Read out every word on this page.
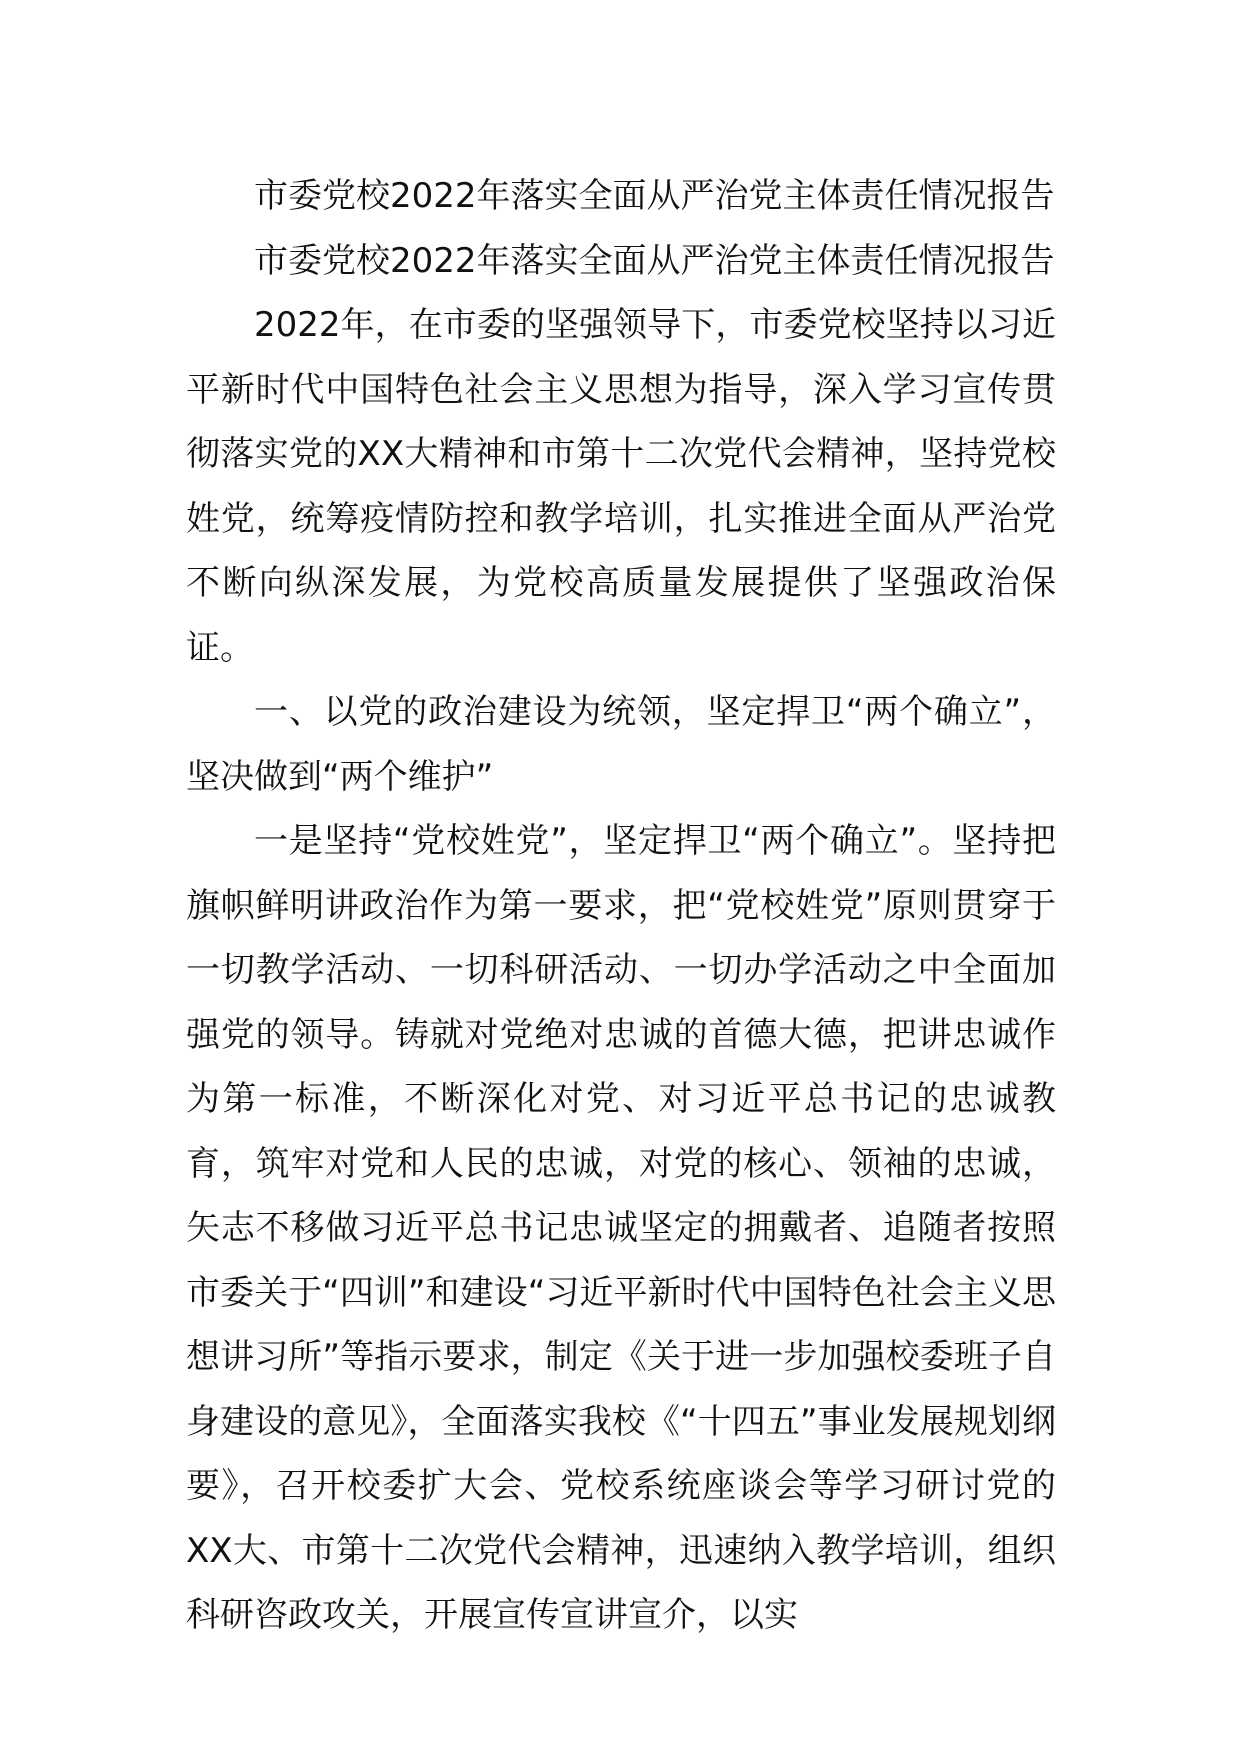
市委党校2022年落实全面从严治党主体责任情况报告

市委党校2022年落实全面从严治党主体责任情况报告

2022年，在市委的坚强领导下，市委党校坚持以习近平新时代中国特色社会主义思想为指导，深入学习宣传贯彻落实党的XX大精神和市第十二次党代会精神，坚持党校姓党，统筹疫情防控和教学培训，扎实推进全面从严治党不断向纵深发展，为党校高质量发展提供了坚强政治保证。

一、以党的政治建设为统领，坚定捍卫“两个确立”，坚决做到“两个维护”

一是坚持“党校姓党”，坚定捍卫“两个确立”。坚持把旗帜鲜明讲政治作为第一要求，把“党校姓党”原则贯穿于一切教学活动、一切科研活动、一切办学活动之中全面加强党的领导。铸就对党绝对忠诚的首德大德，把讲忠诚作为第一标准，不断深化对党、对习近平总书记的忠诚教育，筑牢对党和人民的忠诚，对党的核心、领袖的忠诚，矢志不移做习近平总书记忠诚坚定的拥戴者、追随者按照市委关于“四训”和建设“习近平新时代中国特色社会主义思想讲习所”等指示要求，制定《关于进一步加强校委班子自身建设的意见》，全面落实我校《“十四五”事业发展规划纲要》，召开校委扩大会、党校系统座谈会等学习研讨党的XX大、市第十二次党代会精神，迅速纳入教学培训，组织科研咨政攻关，开展宣传宣讲宣介，以实
